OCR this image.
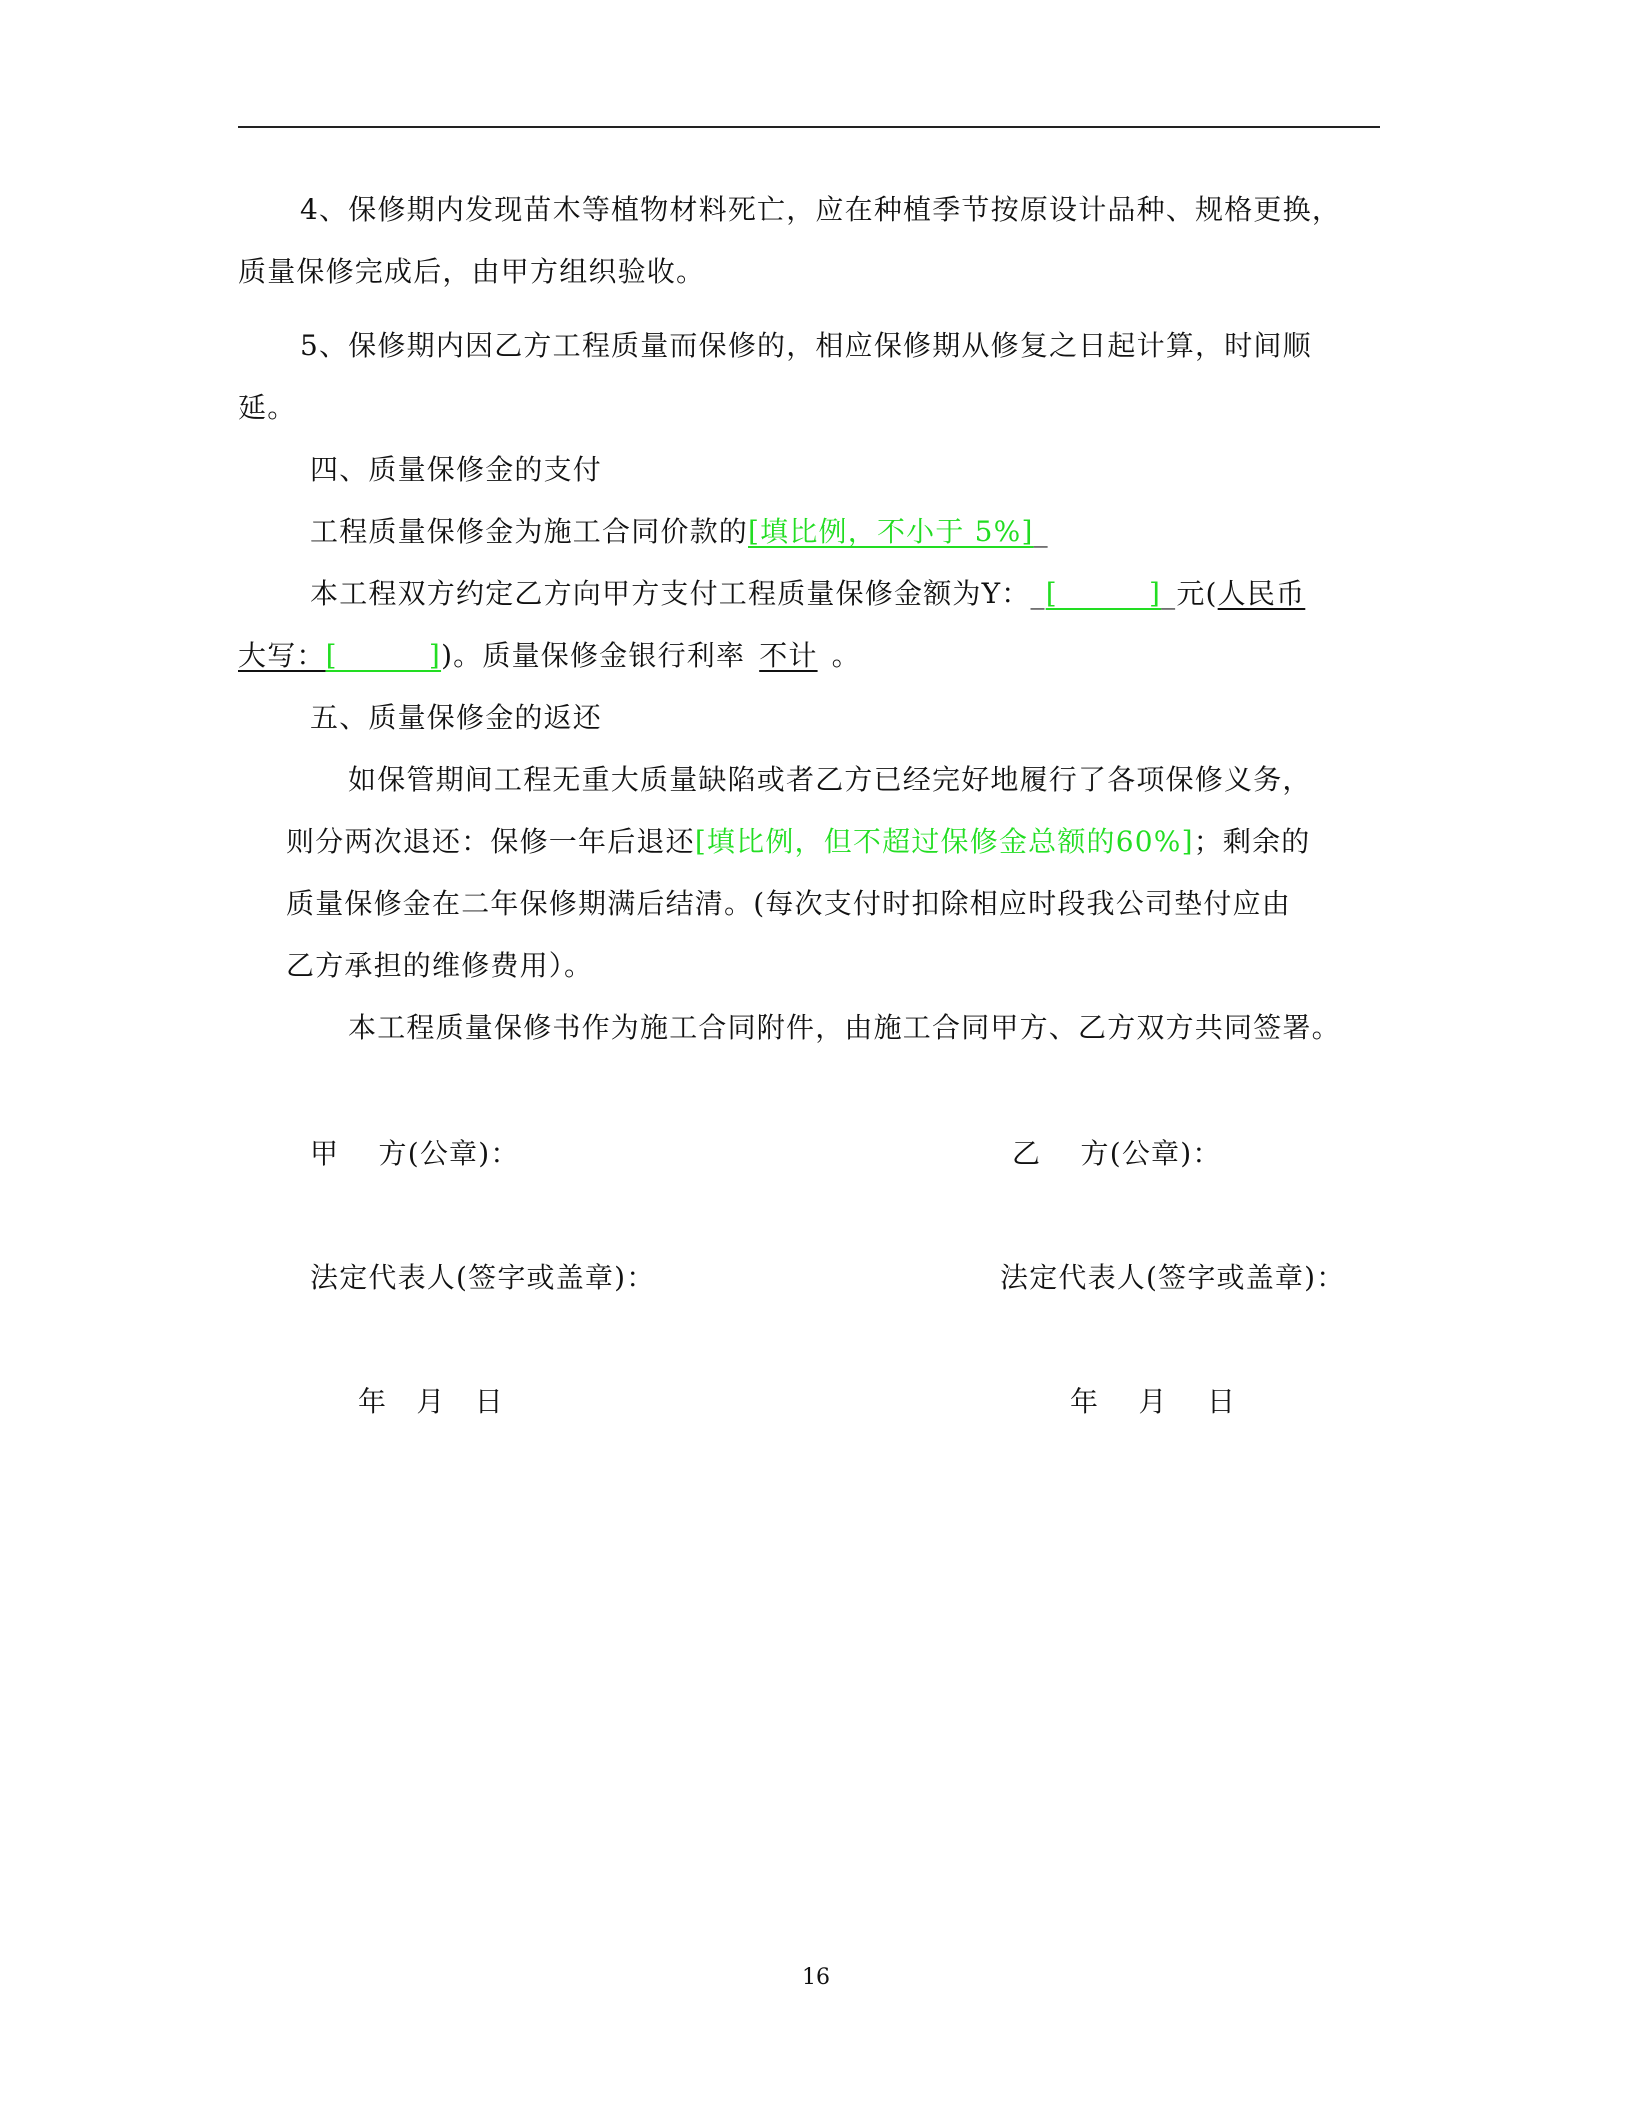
4、保修期内发现苗木等植物材料死亡，应在种植季节按原设计品种、规格更换，
质量保修完成后，由甲方组织验收。
5、保修期内因乙方工程质量而保修的，相应保修期从修复之日起计算，时间顺
延。
四、质量保修金的支付
工程质量保修金为施工合同价款的[填比例，不小于 5%]_
本工程双方约定乙方向甲方支付工程质量保修金额为Y：_[______]_元(人民币
大写：[______])。质量保修金银行利率 不计 。
五、质量保修金的返还
如保管期间工程无重大质量缺陷或者乙方已经完好地履行了各项保修义务，
则分两次退还：保修一年后退还[填比例，但不超过保修金总额的60%]；剩余的
质量保修金在二年保修期满后结清。(每次支付时扣除相应时段我公司垫付应由
乙方承担的维修费用）。
本工程质量保修书作为施工合同附件，由施工合同甲方、乙方双方共同签署。
甲　 方(公章)：	乙　 方(公章)：
法定代表人(签字或盖章)：	法定代表人(签字或盖章)：
年　月　日	年　 月　 日
16
